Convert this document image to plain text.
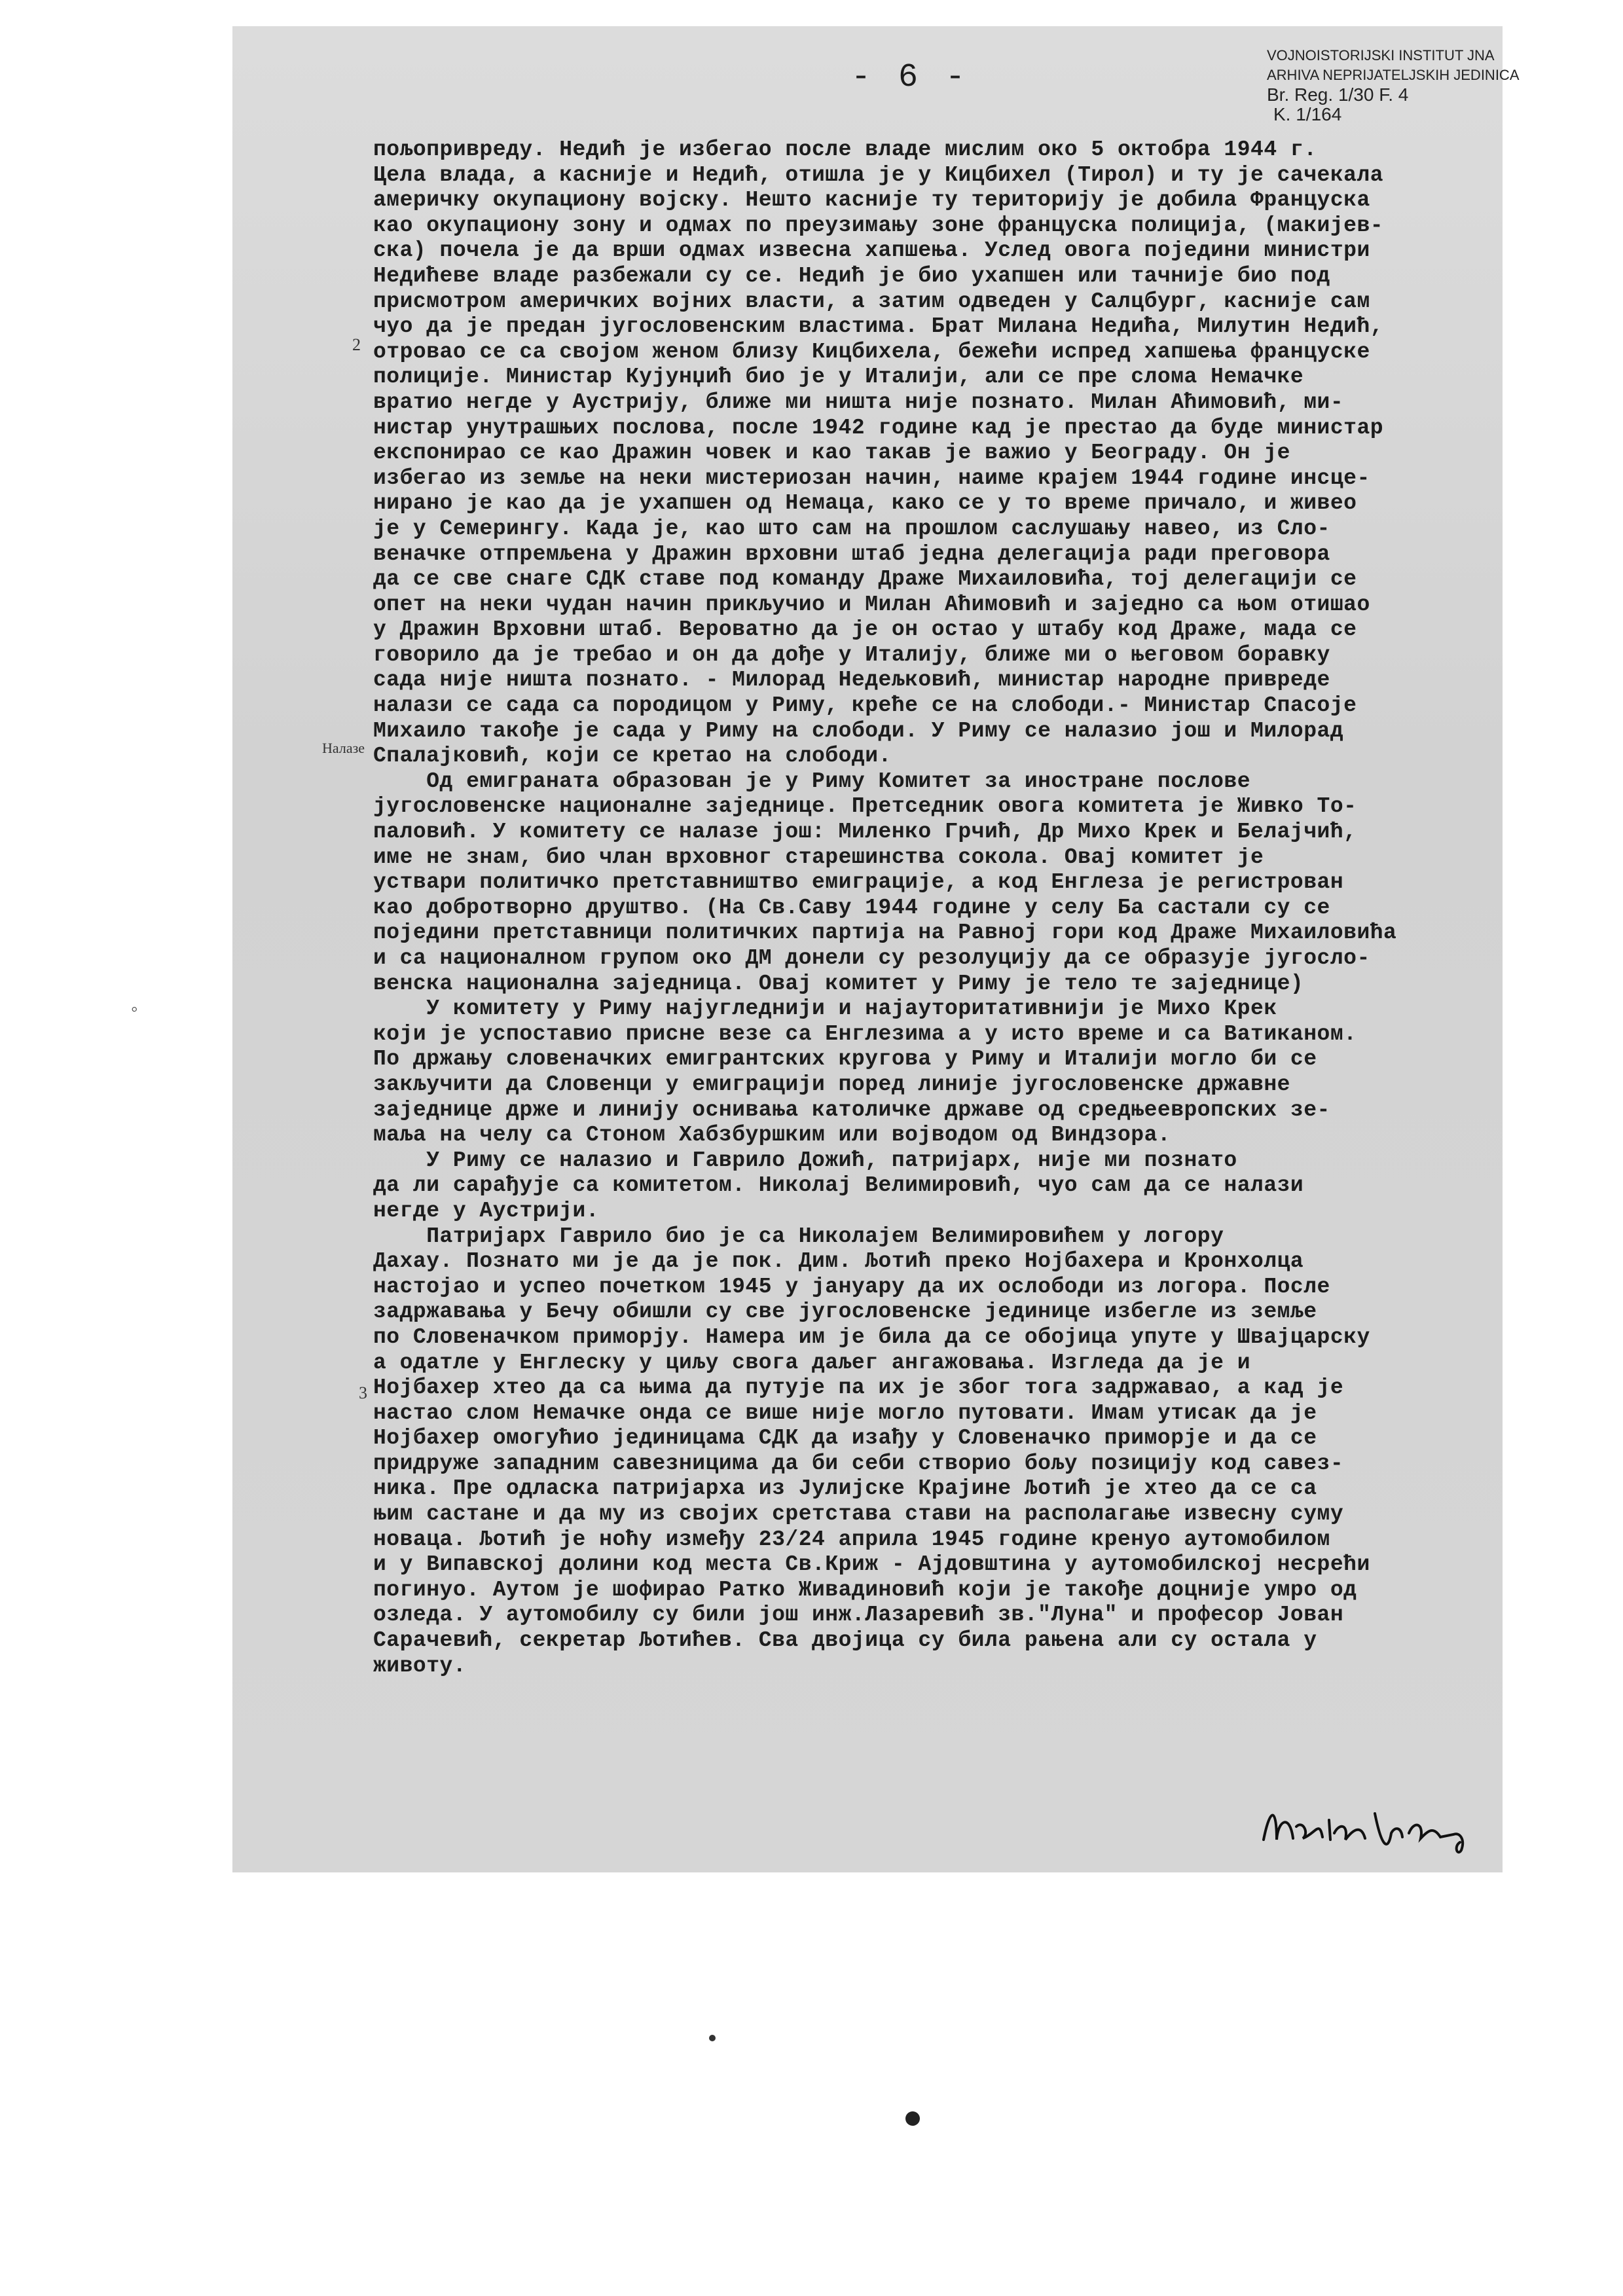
- 6 -
VOJNOISTORIJSKI INSTITUT JNA
ARHIVA NEPRIJATELJSKIH JEDINICA
Br. Reg. 1/30 F. 4
K. 1/164
2
Налазе
3
◦

пољопривреду. Недић је избегао после владе мислим око 5 октобра 1944 г.

Цела влада, а касније и Недић, отишла је у Кицбихел (Тирол) и ту је сачекала

америчку окупациону војску. Нешто касније ту територију је добила Француска

као окупациону зону и одмах по преузимању зоне француска полиција, (макијев-

ска) почела је да врши одмах извесна хапшења. Услед овога поједини министри

Недићеве владе разбежали су се. Недић је био ухапшен или тачније био под

присмотром америчких војних власти, а затим одведен у Салцбург, касније сам

чуо да је предан југословенским властима. Брат Милана Недића, Милутин Недић,

отровао се са својом женом близу Кицбихела, бежећи испред хапшења француске

полиције. Министар Кујунџић био је у Италији, али се пре слома Немачке

вратио негде у Аустрију, ближе ми ништа није познато. Милан Аћимовић, ми-

нистар унутрашњих послова, после 1942 године кад је престао да буде министар

експонирао се као Дражин човек и као такав је важио у Београду. Он је

избегао из земље на неки мистериозан начин, наиме крајем 1944 године инсце-

нирано је као да је ухапшен од Немаца, како се у то време причало, и живео

је у Семерингу. Када је, као што сам на прошлом саслушању навео, из Сло-

веначке отпремљена у Дражин врховни штаб једна делегација ради преговора

да се све снаге СДК ставе под команду Драже Михаиловића, тој делегацији се

опет на неки чудан начин прикључио и Милан Аћимовић и заједно са њом отишао

у Дражин Врховни штаб. Вероватно да је он остао у штабу код Драже, мада се

говорило да је требао и он да дође у Италију, ближе ми о његовом боравку

сада није ништа познато. - Милорад Недељковић, министар народне привреде

налази се сада са породицом у Риму, креће се на слободи.- Министар Спасоје

Михаило такође је сада у Риму на слободи. У Риму се налазио још и Милорад

Спалајковић, који се кретао на слободи.

Од емиграната образован је у Риму Комитет за иностране послове

југословенске националне заједнице. Претседник овога комитета је Живко То-

паловић. У комитету се налазе још: Миленко Грчић, Др Михо Крек и Белајчић,

име не знам, био члан врховног старешинства сокола. Овај комитет је

уствари политичко претставништво емиграције, а код Енглеза је регистрован

као добротворно друштво. (На Св.Саву 1944 године у селу Ба састали су се

поједини претставници политичких партија на Равној гори код Драже Михаиловића

и са националном групом око ДМ донели су резолуцију да се образује југосло-

венска национална заједница. Овај комитет у Риму је тело те заједнице)

У комитету у Риму најугледнији и најауторитативнији је Михо Крек

који је успоставио присне везе са Енглезима а у исто време и са Ватиканом.

По држању словеначких емигрантских кругова у Риму и Италији могло би се

закључити да Словенци у емиграцији поред линије југословенске државне

заједнице држе и линију оснивања католичке државе од средњеевропских зе-

маља на челу са Стоном Хабзбуршким или војводом од Виндзора.

У Риму се налазио и Гаврило Дожић, патријарх, није ми познато

да ли сарађује са комитетом. Николај Велимировић, чуо сам да се налази

негде у Аустрији.

Патријарх Гаврило био је са Николајем Велимировићем у логору

Дахау. Познато ми је да је пок. Дим. Љотић преко Нојбахера и Кронхолца

настојао и успео почетком 1945 у јануару да их ослободи из логора. После

задржавања у Бечу обишли су све југословенске јединице избегле из земље

по Словеначком приморју. Намера им је била да се обојица упуте у Швајцарску

а одатле у Енглеску у циљу свога даљег ангажовања. Изгледа да је и

Нојбахер хтео да са њима да путује па их је због тога задржавао, а кад је

настао слом Немачке онда се више није могло путовати. Имам утисак да је

Нојбахер омогућио јединицама СДК да изађу у Словеначко приморје и да се

придруже западним савезницима да би себи створио бољу позицију код савез-

ника. Пре одласка патријарха из Јулијске Крајине Љотић је хтео да се са

њим састане и да му из својих сретстава стави на располагање извесну суму

новаца. Љотић је ноћу између 23/24 априла 1945 године кренуо аутомобилом

и у Випавској долини код места Св.Криж - Ајдовштина у аутомобилској несрећи

погинуо. Аутом је шофирао Ратко Живадиновић који је такође доцније умро од

озледа. У аутомобилу су били још инж.Лазаревић зв."Луна" и професор Јован

Сарачевић, секретар Љотићев. Сва двојица су била рањена али су остала у

животу.
